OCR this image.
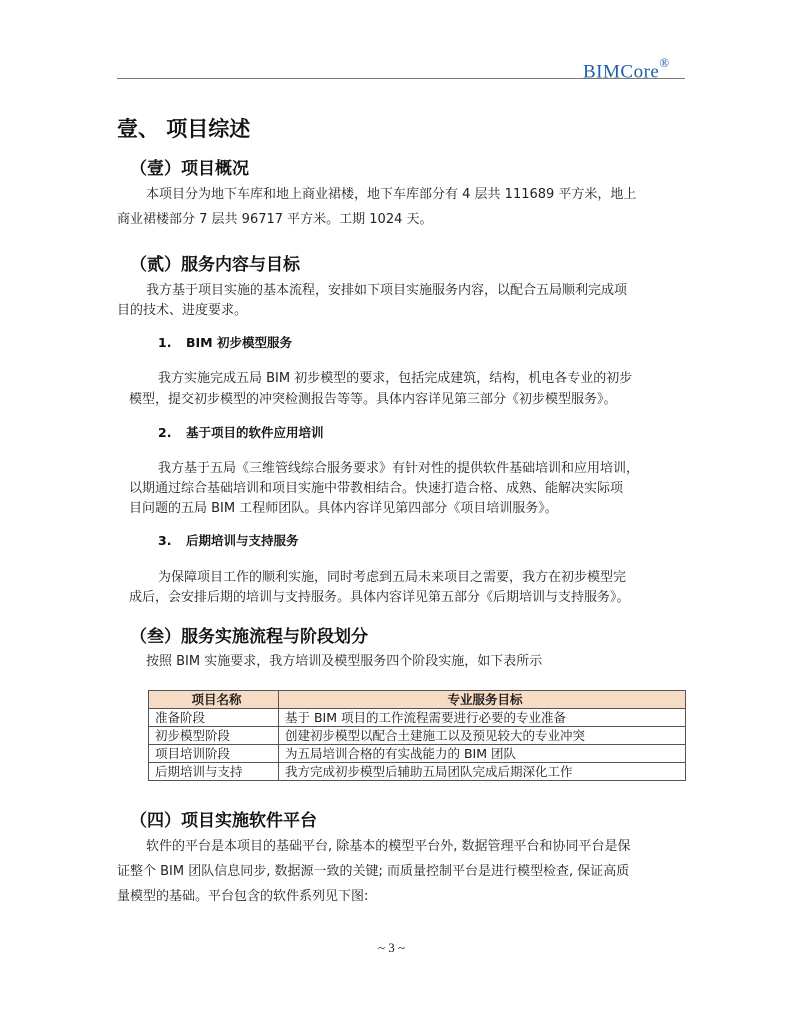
BIMCore®
壹、 项目综述
（壹）项目概况
本项目分为地下车库和地上商业裙楼，地下车库部分有 4 层共 111689 平方米，地上
商业裙楼部分 7 层共 96717 平方米。工期 1024 天。
（贰）服务内容与目标
我方基于项目实施的基本流程，安排如下项目实施服务内容，以配合五局顺利完成项
目的技术、进度要求。
1. BIM 初步模型服务
我方实施完成五局 BIM 初步模型的要求，包括完成建筑，结构，机电各专业的初步
模型，提交初步模型的冲突检测报告等等。具体内容详见第三部分《初步模型服务》。
2. 基于项目的软件应用培训
我方基于五局《三维管线综合服务要求》有针对性的提供软件基础培训和应用培训，
以期通过综合基础培训和项目实施中带教相结合。快速打造合格、成熟、能解决实际项
目问题的五局 BIM 工程师团队。具体内容详见第四部分《项目培训服务》。
3. 后期培训与支持服务
为保障项目工作的顺利实施，同时考虑到五局未来项目之需要，我方在初步模型完
成后，会安排后期的培训与支持服务。具体内容详见第五部分《后期培训与支持服务》。
（叁）服务实施流程与阶段划分
按照 BIM 实施要求，我方培训及模型服务四个阶段实施，如下表所示
项目名称	专业服务目标
准备阶段	基于 BIM 项目的工作流程需要进行必要的专业准备
初步模型阶段	创建初步模型以配合土建施工以及预见较大的专业冲突
项目培训阶段	为五局培训合格的有实战能力的 BIM 团队
后期培训与支持	我方完成初步模型后辅助五局团队完成后期深化工作
（四）项目实施软件平台
软件的平台是本项目的基础平台, 除基本的模型平台外, 数据管理平台和协同平台是保
证整个 BIM 团队信息同步, 数据源一致的关键; 而质量控制平台是进行模型检查, 保证高质
量模型的基础。平台包含的软件系列见下图:
~ 3 ~
